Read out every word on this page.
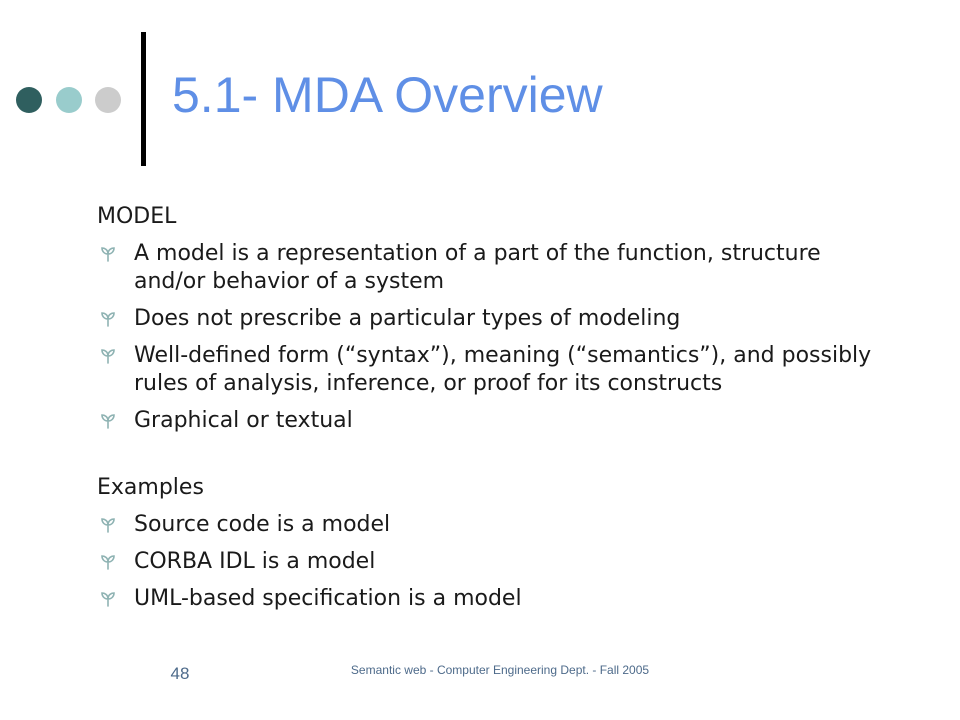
5.1- MDA Overview
MODEL
A model is a representation of a part of the function, structure and/or behavior of a system
Does not prescribe a particular types of modeling
Well-defined form (“syntax”), meaning (“semantics”), and possibly rules of analysis, inference, or proof for its constructs
Graphical or textual
Examples
Source code is a model
CORBA IDL is a model
UML-based specification is a model
48	Semantic web - Computer Engineering Dept. - Fall 2005
